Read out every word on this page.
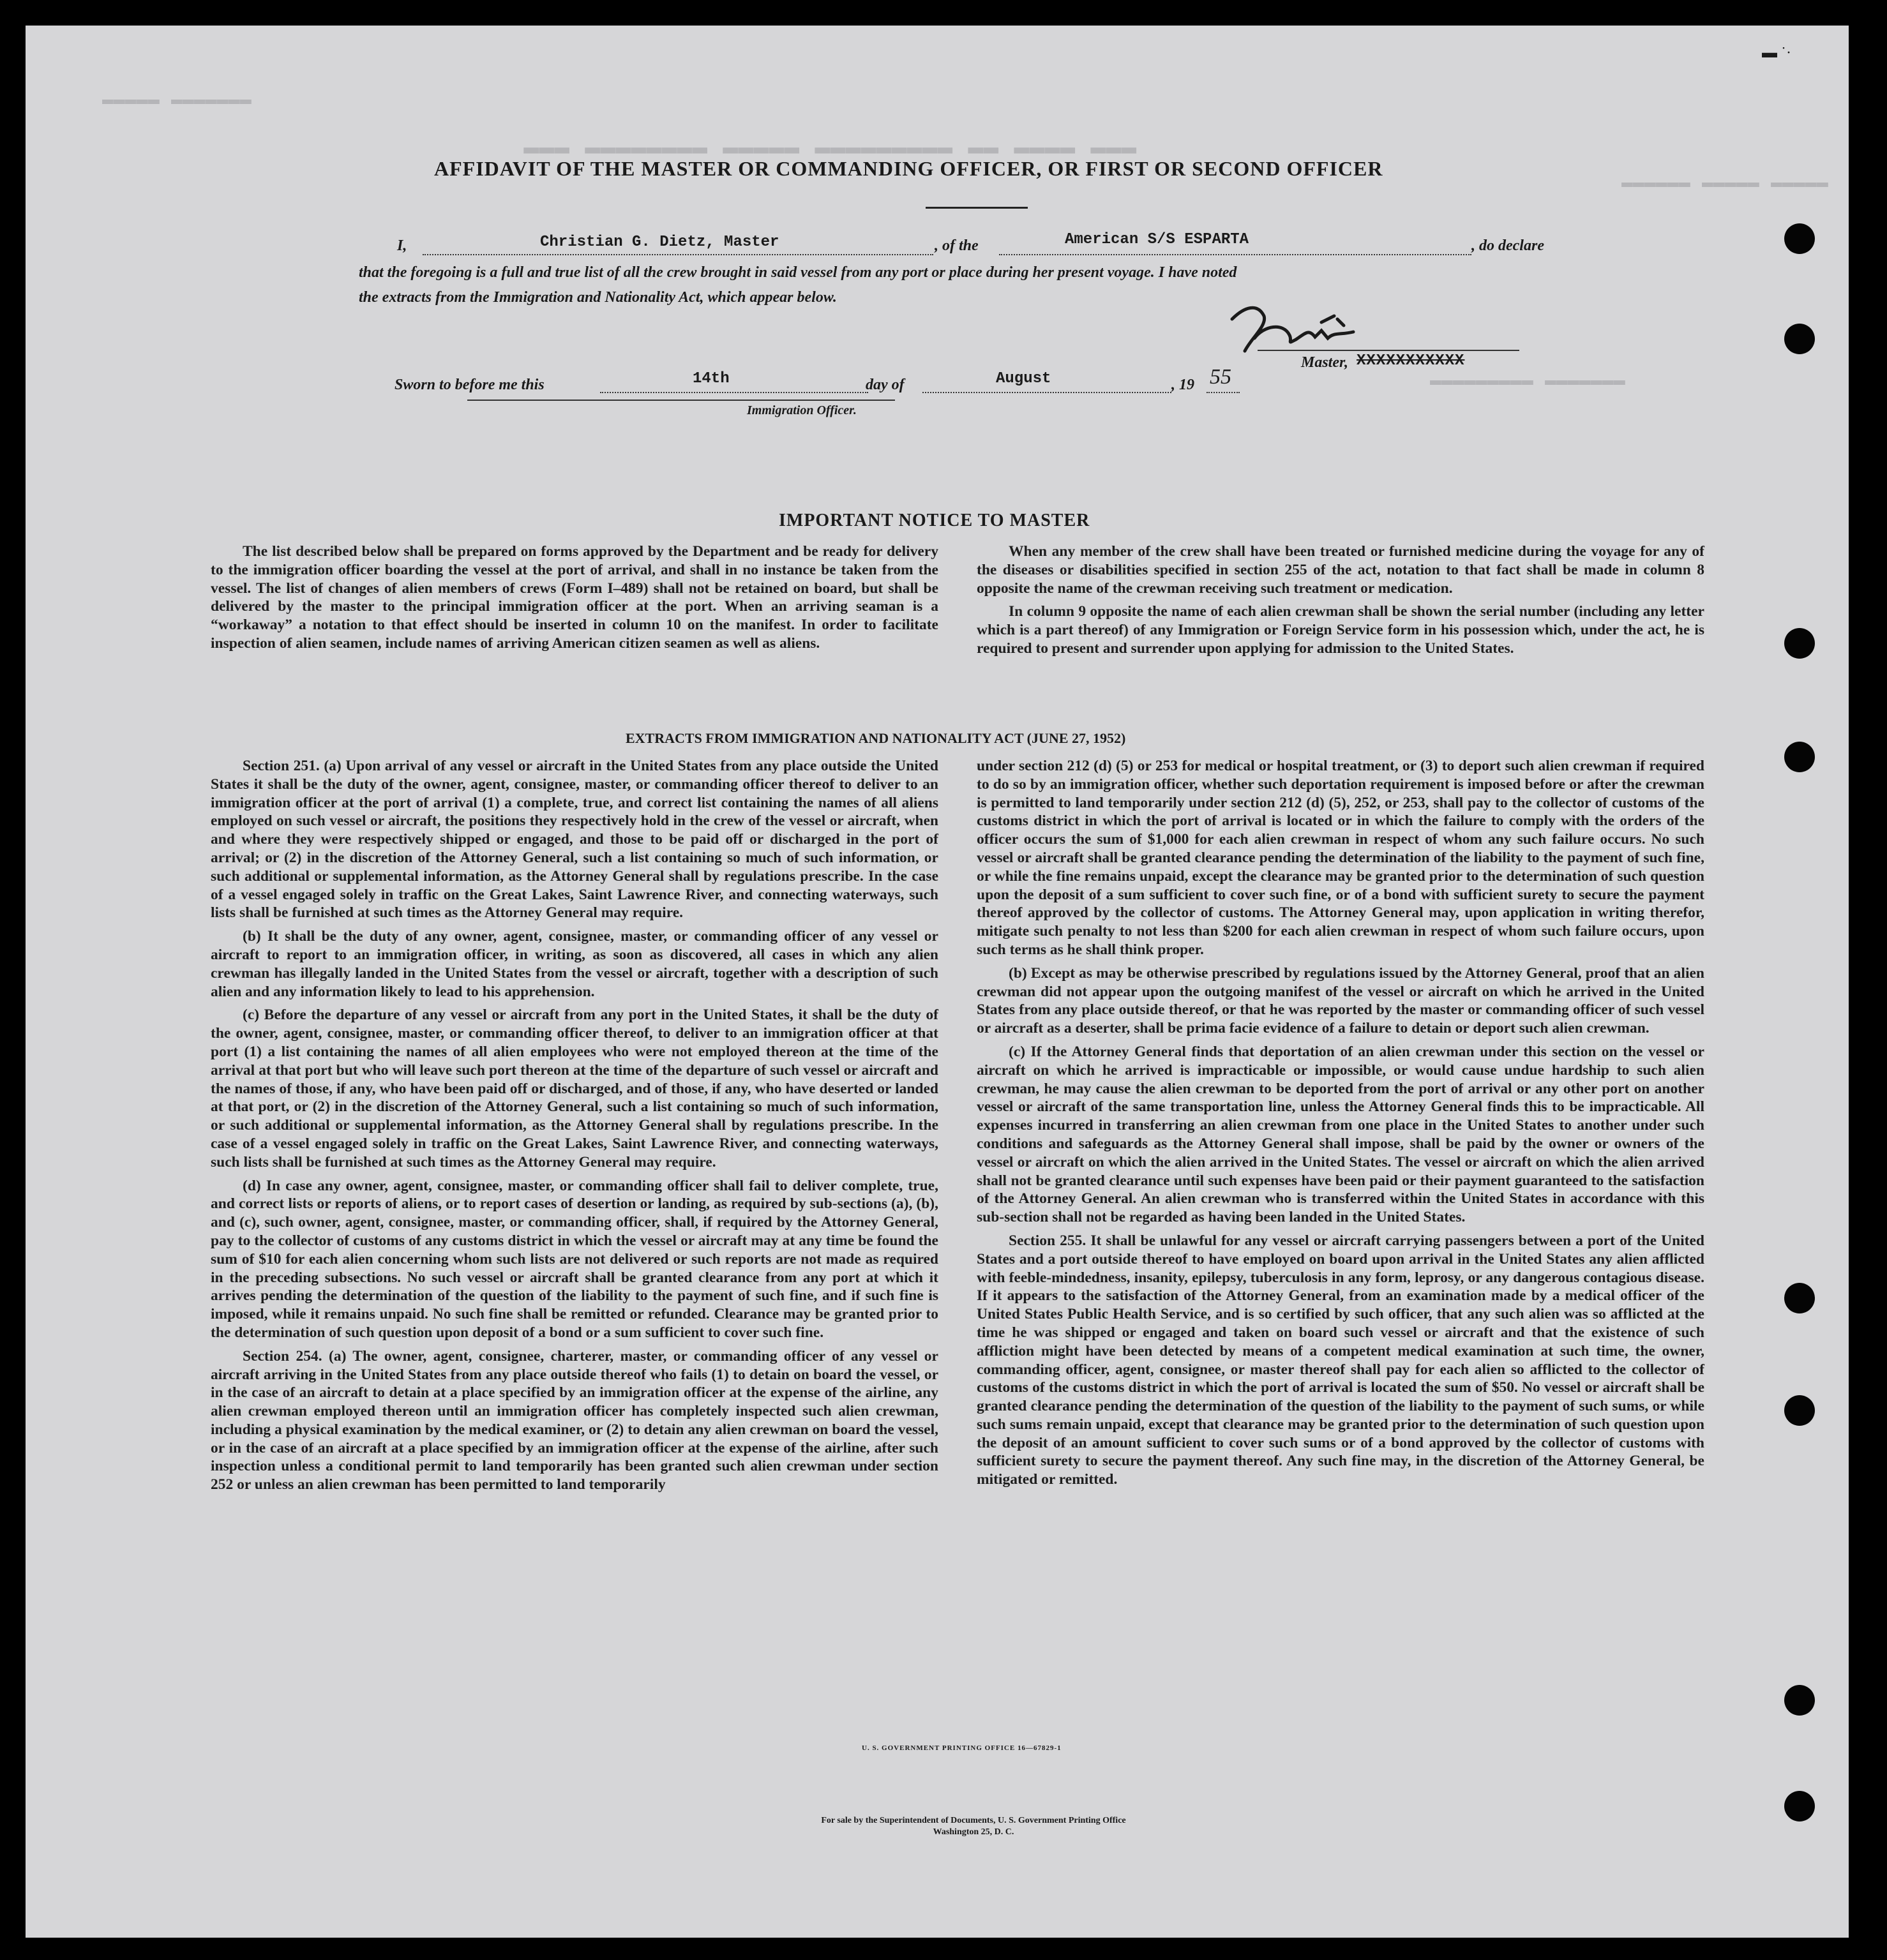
▬▬▬ ▬▬▬▬▬▬▬▬ ▬▬▬▬▬ ▬▬▬▬▬▬▬▬▬ ▬▬ ▬▬▬▬ ▬▬▬
▬▬▬▬▬ ▬▬▬▬▬▬▬
▬▬▬▬▬▬ ▬▬▬▬▬ ▬▬▬▬▬
▬▬▬▬▬▬▬▬▬ ▬▬▬▬▬▬▬
AFFIDAVIT OF THE MASTER OR COMMANDING OFFICER, OR FIRST OR SECOND OFFICER
I,	Christian G. Dietz, Master	, of the	American S/S ESPARTA	, do declare
that the foregoing is a full and true list of all the crew brought in said vessel from any port or place during her present voyage. I have noted
the extracts from the Immigration and Nationality Act, which appear below.
Master, XXXXXXXXXXX
Sworn to before me this	14th	day of	August	, 19 55
Immigration Officer.
IMPORTANT NOTICE TO MASTER

The list described below shall be prepared on forms approved by the Department and be ready for delivery to the immigration officer boarding the vessel at the port of arrival, and shall in no instance be taken from the vessel. The list of changes of alien members of crews (Form I–489) shall not be retained on board, but shall be delivered by the master to the principal immigration officer at the port. When an arriving seaman is a “workaway” a notation to that effect should be inserted in column 10 on the manifest. In order to facilitate inspection of alien seamen, include names of arriving American citizen seamen as well as aliens.

When any member of the crew shall have been treated or furnished medicine during the voyage for any of the diseases or disabilities specified in section 255 of the act, notation to that fact shall be made in column 8 opposite the name of the crewman receiving such treatment or medication.

In column 9 opposite the name of each alien crewman shall be shown the serial number (including any letter which is a part thereof) of any Immigration or Foreign Service form in his possession which, under the act, he is required to present and surrender upon applying for admission to the United States.

EXTRACTS FROM IMMIGRATION AND NATIONALITY ACT (JUNE 27, 1952)

Section 251. (a) Upon arrival of any vessel or aircraft in the United States from any place outside the United States it shall be the duty of the owner, agent, consignee, master, or commanding officer thereof to deliver to an immigration officer at the port of arrival (1) a complete, true, and correct list containing the names of all aliens employed on such vessel or aircraft, the positions they respectively hold in the crew of the vessel or aircraft, when and where they were respectively shipped or engaged, and those to be paid off or discharged in the port of arrival; or (2) in the discretion of the Attorney General, such a list containing so much of such information, or such additional or supplemental information, as the Attorney General shall by regulations prescribe. In the case of a vessel engaged solely in traffic on the Great Lakes, Saint Lawrence River, and connecting waterways, such lists shall be furnished at such times as the Attorney General may require.

(b) It shall be the duty of any owner, agent, consignee, master, or commanding officer of any vessel or aircraft to report to an immigration officer, in writing, as soon as discovered, all cases in which any alien crewman has illegally landed in the United States from the vessel or aircraft, together with a description of such alien and any information likely to lead to his apprehension.

(c) Before the departure of any vessel or aircraft from any port in the United States, it shall be the duty of the owner, agent, consignee, master, or commanding officer thereof, to deliver to an immigration officer at that port (1) a list containing the names of all alien employees who were not employed thereon at the time of the arrival at that port but who will leave such port thereon at the time of the departure of such vessel or aircraft and the names of those, if any, who have been paid off or discharged, and of those, if any, who have deserted or landed at that port, or (2) in the discretion of the Attorney General, such a list containing so much of such information, or such additional or supplemental information, as the Attorney General shall by regulations prescribe. In the case of a vessel engaged solely in traffic on the Great Lakes, Saint Lawrence River, and connecting waterways, such lists shall be furnished at such times as the Attorney General may require.

(d) In case any owner, agent, consignee, master, or commanding officer shall fail to deliver complete, true, and correct lists or reports of aliens, or to report cases of desertion or landing, as required by sub-sections (a), (b), and (c), such owner, agent, consignee, master, or commanding officer, shall, if required by the Attorney General, pay to the collector of customs of any customs district in which the vessel or aircraft may at any time be found the sum of $10 for each alien concerning whom such lists are not delivered or such reports are not made as required in the preceding subsections. No such vessel or aircraft shall be granted clearance from any port at which it arrives pending the determination of the question of the liability to the payment of such fine, and if such fine is imposed, while it remains unpaid. No such fine shall be remitted or refunded. Clearance may be granted prior to the determination of such question upon deposit of a bond or a sum sufficient to cover such fine.

Section 254. (a) The owner, agent, consignee, charterer, master, or commanding officer of any vessel or aircraft arriving in the United States from any place outside thereof who fails (1) to detain on board the vessel, or in the case of an aircraft to detain at a place specified by an immigration officer at the expense of the airline, any alien crewman employed thereon until an immigration officer has completely inspected such alien crewman, including a physical examination by the medical examiner, or (2) to detain any alien crewman on board the vessel, or in the case of an aircraft at a place specified by an immigration officer at the expense of the airline, after such inspection unless a conditional permit to land temporarily has been granted such alien crewman under section 252 or unless an alien crewman has been permitted to land temporarily

under section 212 (d) (5) or 253 for medical or hospital treatment, or (3) to deport such alien crewman if required to do so by an immigration officer, whether such deportation requirement is imposed before or after the crewman is permitted to land temporarily under section 212 (d) (5), 252, or 253, shall pay to the collector of customs of the customs district in which the port of arrival is located or in which the failure to comply with the orders of the officer occurs the sum of $1,000 for each alien crewman in respect of whom any such failure occurs. No such vessel or aircraft shall be granted clearance pending the determination of the liability to the payment of such fine, or while the fine remains unpaid, except the clearance may be granted prior to the determination of such question upon the deposit of a sum sufficient to cover such fine, or of a bond with sufficient surety to secure the payment thereof approved by the collector of customs. The Attorney General may, upon application in writing therefor, mitigate such penalty to not less than $200 for each alien crewman in respect of whom such failure occurs, upon such terms as he shall think proper.

(b) Except as may be otherwise prescribed by regulations issued by the Attorney General, proof that an alien crewman did not appear upon the outgoing manifest of the vessel or aircraft on which he arrived in the United States from any place outside thereof, or that he was reported by the master or commanding officer of such vessel or aircraft as a deserter, shall be prima facie evidence of a failure to detain or deport such alien crewman.

(c) If the Attorney General finds that deportation of an alien crewman under this section on the vessel or aircraft on which he arrived is impracticable or impossible, or would cause undue hardship to such alien crewman, he may cause the alien crewman to be deported from the port of arrival or any other port on another vessel or aircraft of the same transportation line, unless the Attorney General finds this to be impracticable. All expenses incurred in transferring an alien crewman from one place in the United States to another under such conditions and safeguards as the Attorney General shall impose, shall be paid by the owner or owners of the vessel or aircraft on which the alien arrived in the United States. The vessel or aircraft on which the alien arrived shall not be granted clearance until such expenses have been paid or their payment guaranteed to the satisfaction of the Attorney General. An alien crewman who is transferred within the United States in accordance with this sub-section shall not be regarded as having been landed in the United States.

Section 255. It shall be unlawful for any vessel or aircraft carrying passengers between a port of the United States and a port outside thereof to have employed on board upon arrival in the United States any alien afflicted with feeble-mindedness, insanity, epilepsy, tuberculosis in any form, leprosy, or any dangerous contagious disease. If it appears to the satisfaction of the Attorney General, from an examination made by a medical officer of the United States Public Health Service, and is so certified by such officer, that any such alien was so afflicted at the time he was shipped or engaged and taken on board such vessel or aircraft and that the existence of such affliction might have been detected by means of a competent medical examination at such time, the owner, commanding officer, agent, consignee, or master thereof shall pay for each alien so afflicted to the collector of customs of the customs district in which the port of arrival is located the sum of $50. No vessel or aircraft shall be granted clearance pending the determination of the question of the liability to the payment of such sums, or while such sums remain unpaid, except that clearance may be granted prior to the determination of such question upon the deposit of an amount sufficient to cover such sums or of a bond approved by the collector of customs with sufficient surety to secure the payment thereof. Any such fine may, in the discretion of the Attorney General, be mitigated or remitted.

U. S. GOVERNMENT PRINTING OFFICE 16—67829-1
For sale by the Superintendent of Documents, U. S. Government Printing Office
Washington 25, D. C.
▬ ˙·
